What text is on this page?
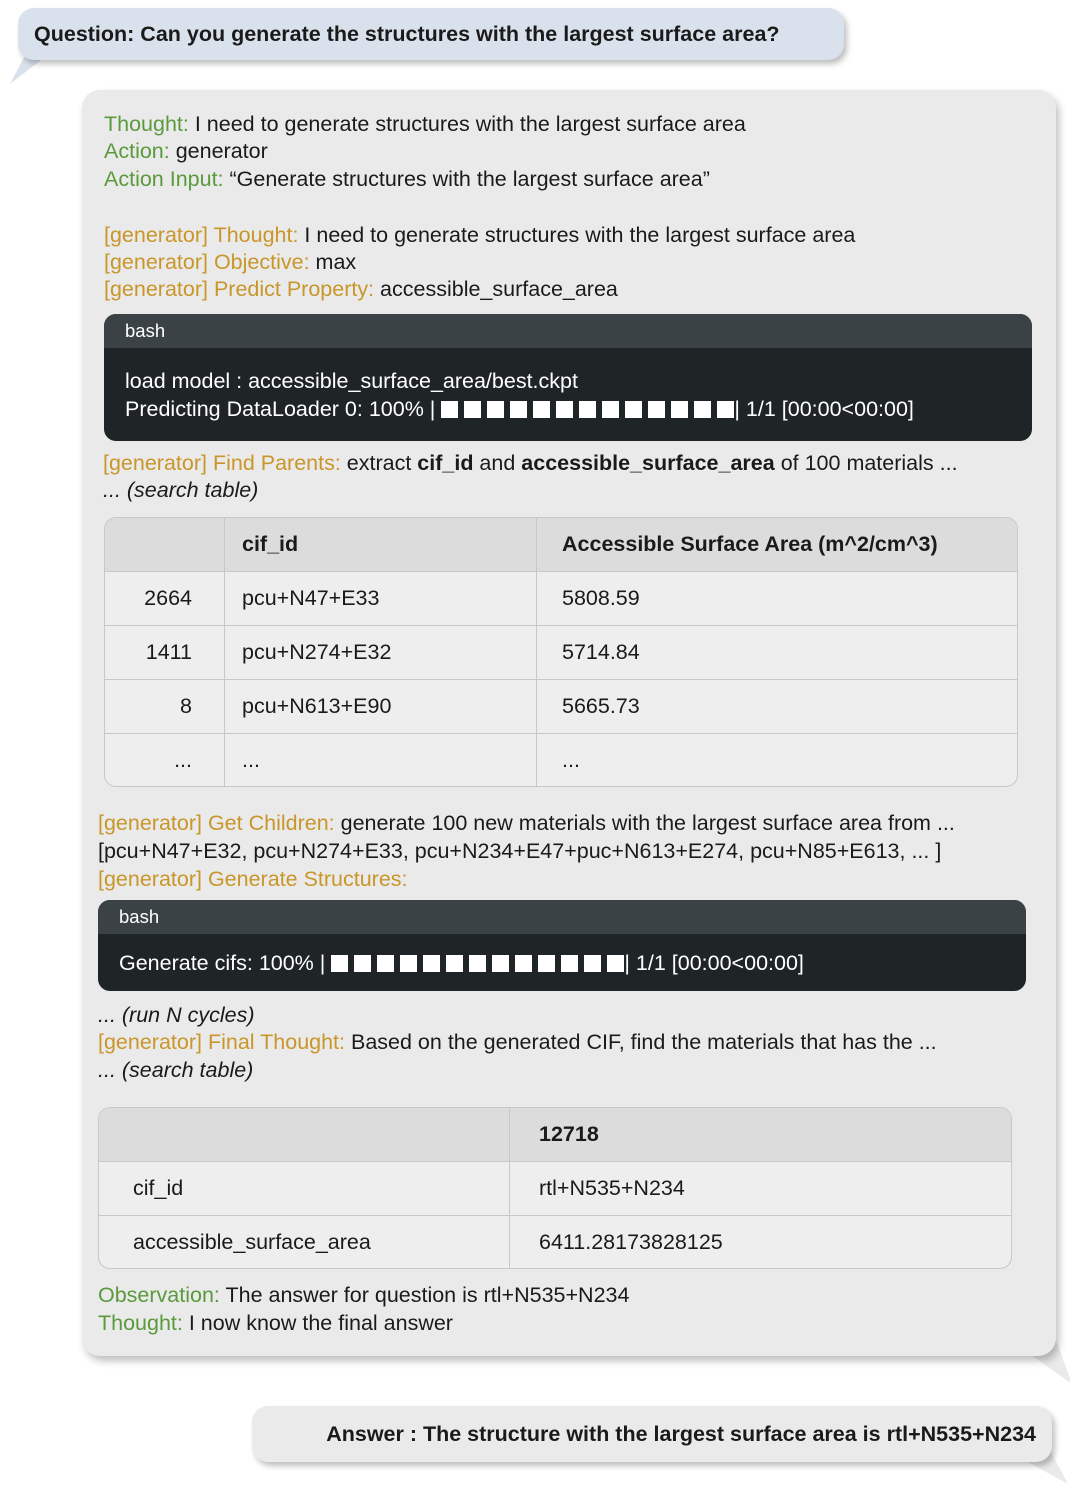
Question: Can you generate the structures with the largest surface area?
Thought: I need to generate structures with the largest surface area
Action: generator
Action Input: “Generate structures with the largest surface area”
[generator] Thought: I need to generate structures with the largest surface area
[generator] Objective: max
[generator] Predict Property: accessible_surface_area
bash
load model : accessible_surface_area/best.ckpt
Predicting DataLoader 0: 100% |	| 1/1 [00:00<00:00]
[generator] Find Parents: extract cif_id and accessible_surface_area of 100 materials ...
... (search table)
	cif_id	Accessible Surface Area (m^2/cm^3)
2664	pcu+N47+E33	5808.59
1411	pcu+N274+E32	5714.84
8	pcu+N613+E90	5665.73
...	...	...
[generator] Get Children: generate 100 new materials with the largest surface area from ...
[pcu+N47+E32, pcu+N274+E33, pcu+N234+E47+puc+N613+E274, pcu+N85+E613, ... ]
[generator] Generate Structures:
bash
Generate cifs: 100% |	| 1/1 [00:00<00:00]
... (run N cycles)
[generator] Final Thought: Based on the generated CIF, find the materials that has the ...
... (search table)
	12718
cif_id	rtl+N535+N234
accessible_surface_area	6411.28173828125
Observation: The answer for question is rtl+N535+N234
Thought: I now know the final answer
Answer : The structure with the largest surface area is rtl+N535+N234
